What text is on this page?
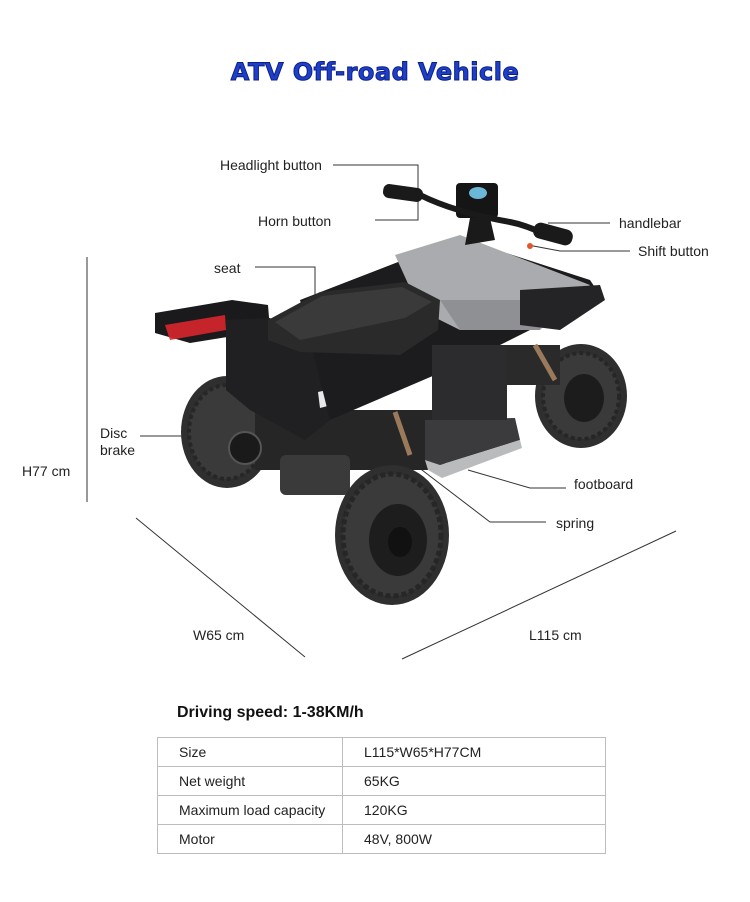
ATV Off-road Vehicle
Headlight button
Horn button	handlebar
Shift button
seat
Disc
brake
footboard
spring
H77 cm
W65 cm	L115 cm
Driving speed: 1-38KM/h
Size	L115*W65*H77CM
Net weight	65KG
Maximum load capacity	120KG
Motor	48V, 800W
